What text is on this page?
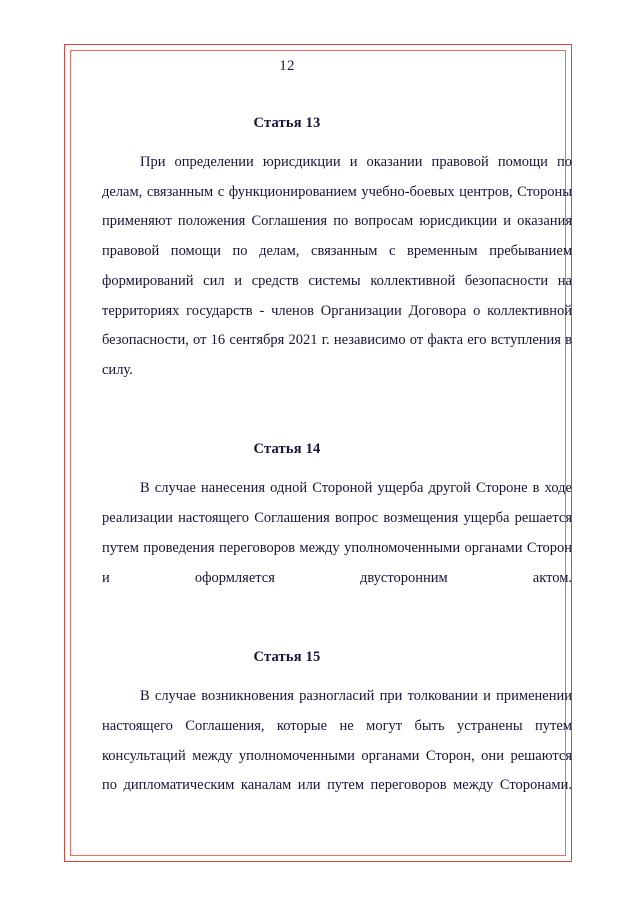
12
Статья 13

При определении юрисдикции и оказании правовой помощи по делам, связанным с функционированием учебно-боевых центров, Стороны применяют положения Соглашения по вопросам юрисдикции и оказания правовой помощи по делам, связанным с временным пребыванием формирований сил и средств системы коллективной безопасности на территориях государств - членов Организации Договора о коллективной безопасности, от 16 сентября 2021 г. независимо от факта его вступления в силу.

Статья 14

В случае нанесения одной Стороной ущерба другой Стороне в ходе реализации настоящего Соглашения вопрос возмещения ущерба решается путем проведения переговоров между уполномоченными органами Сторон и оформляется двусторонним актом.

Статья 15

В случае возникновения разногласий при толковании и применении настоящего Соглашения, которые не могут быть устранены путем консультаций между уполномоченными органами Сторон, они решаются по дипломатическим каналам или путем переговоров между Сторонами.
